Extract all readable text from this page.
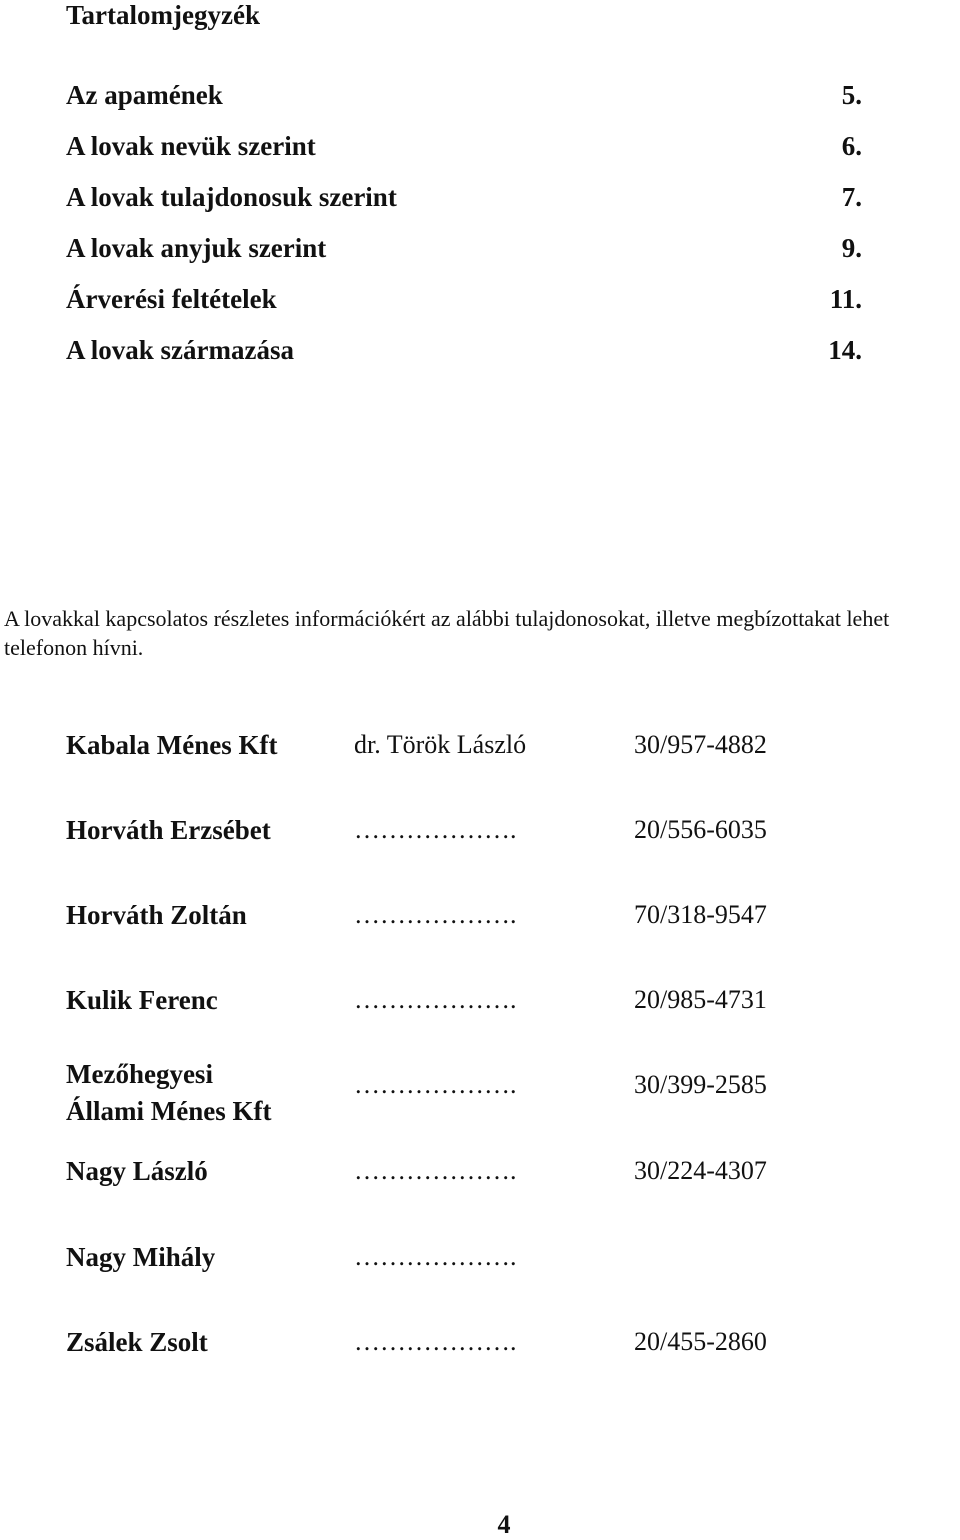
Tartalomjegyzék
Az apamének	5.
A lovak nevük szerint	6.
A lovak tulajdonosuk szerint	7.
A lovak anyjuk szerint	9.
Árverési feltételek	11.
A lovak származása	14.
A lovakkal kapcsolatos részletes információkért az alábbi tulajdonosokat, illetve megbízottakat lehet telefonon hívni.
Kabala Ménes Kft	dr. Török László	30/957-4882
Horváth Erzsébet	……………….	20/556-6035
Horváth Zoltán	……………….	70/318-9547
Kulik Ferenc	……………….	20/985-4731
Mezőhegyesi
Állami Ménes Kft
……………….	30/399-2585
Nagy László	……………….	30/224-4307
Nagy Mihály	……………….
Zsálek Zsolt	……………….	20/455-2860
4
